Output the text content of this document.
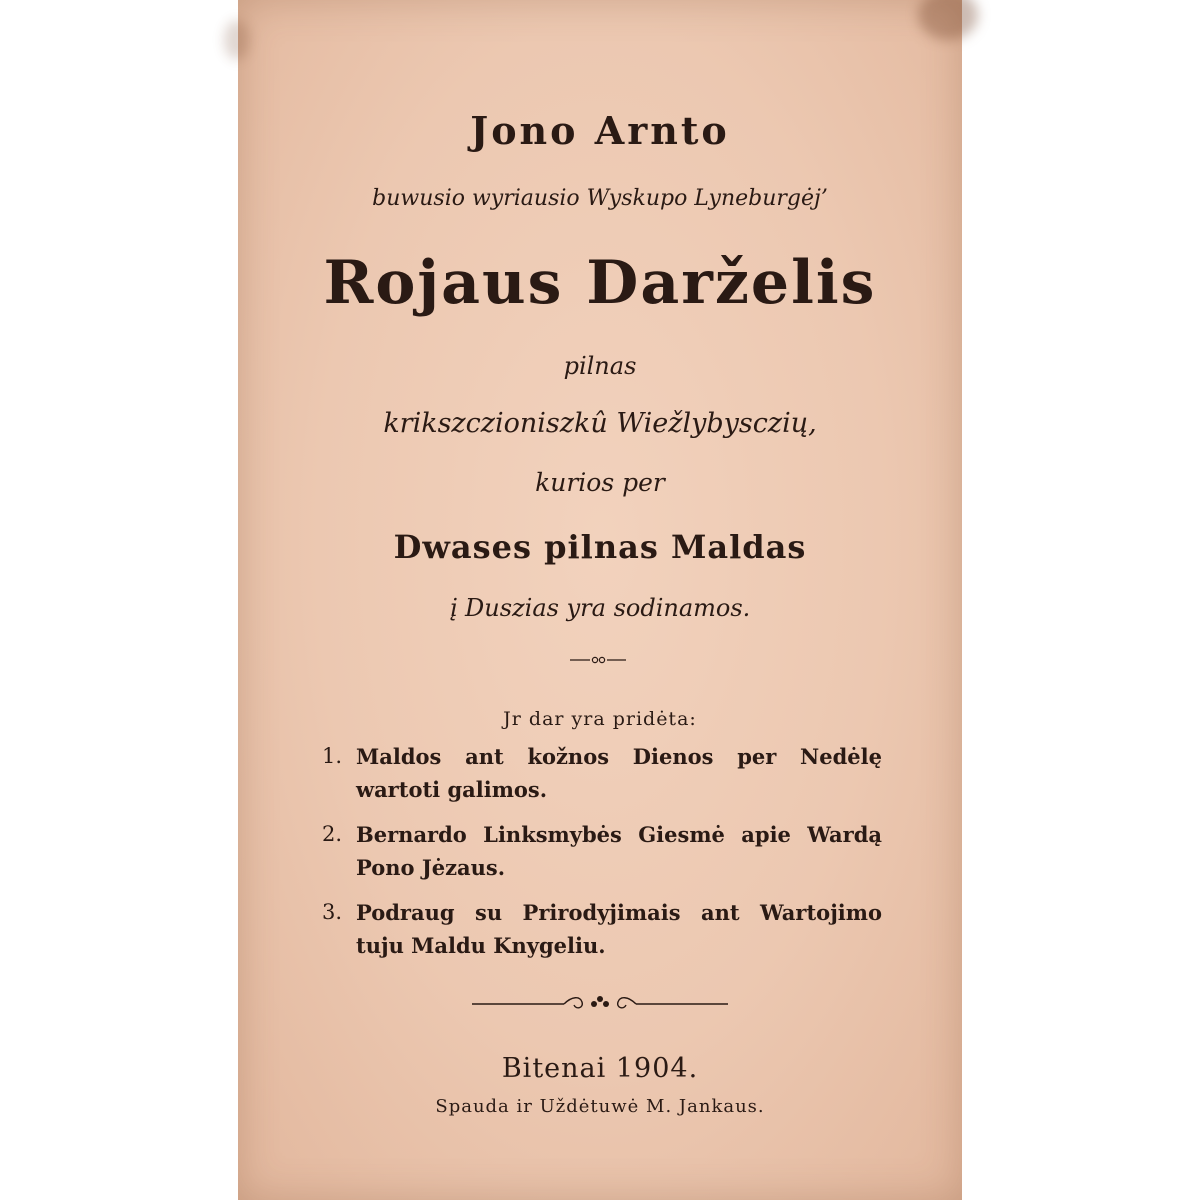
Jono Arnto
buwusio wyriausio Wyskupo Lyneburgėj’
Rojaus Darželis
pilnas
krikszczioniszkû Wiežlybysczių,
kurios per
Dwases pilnas Maldas
į Duszias yra sodinamos.
Jr dar yra pridėta:
1. Maldos ant kožnos Dienos per Nedėlę wartoti galimos.
2. Bernardo Linksmybės Giesmė apie Wardą Pono Jėzaus.
3. Podraug su Prirodyjimais ant Wartojimo tuju Maldu Knygeliu.
Bitenai 1904.
Spauda ir Uždėtuwė M. Jankaus.
